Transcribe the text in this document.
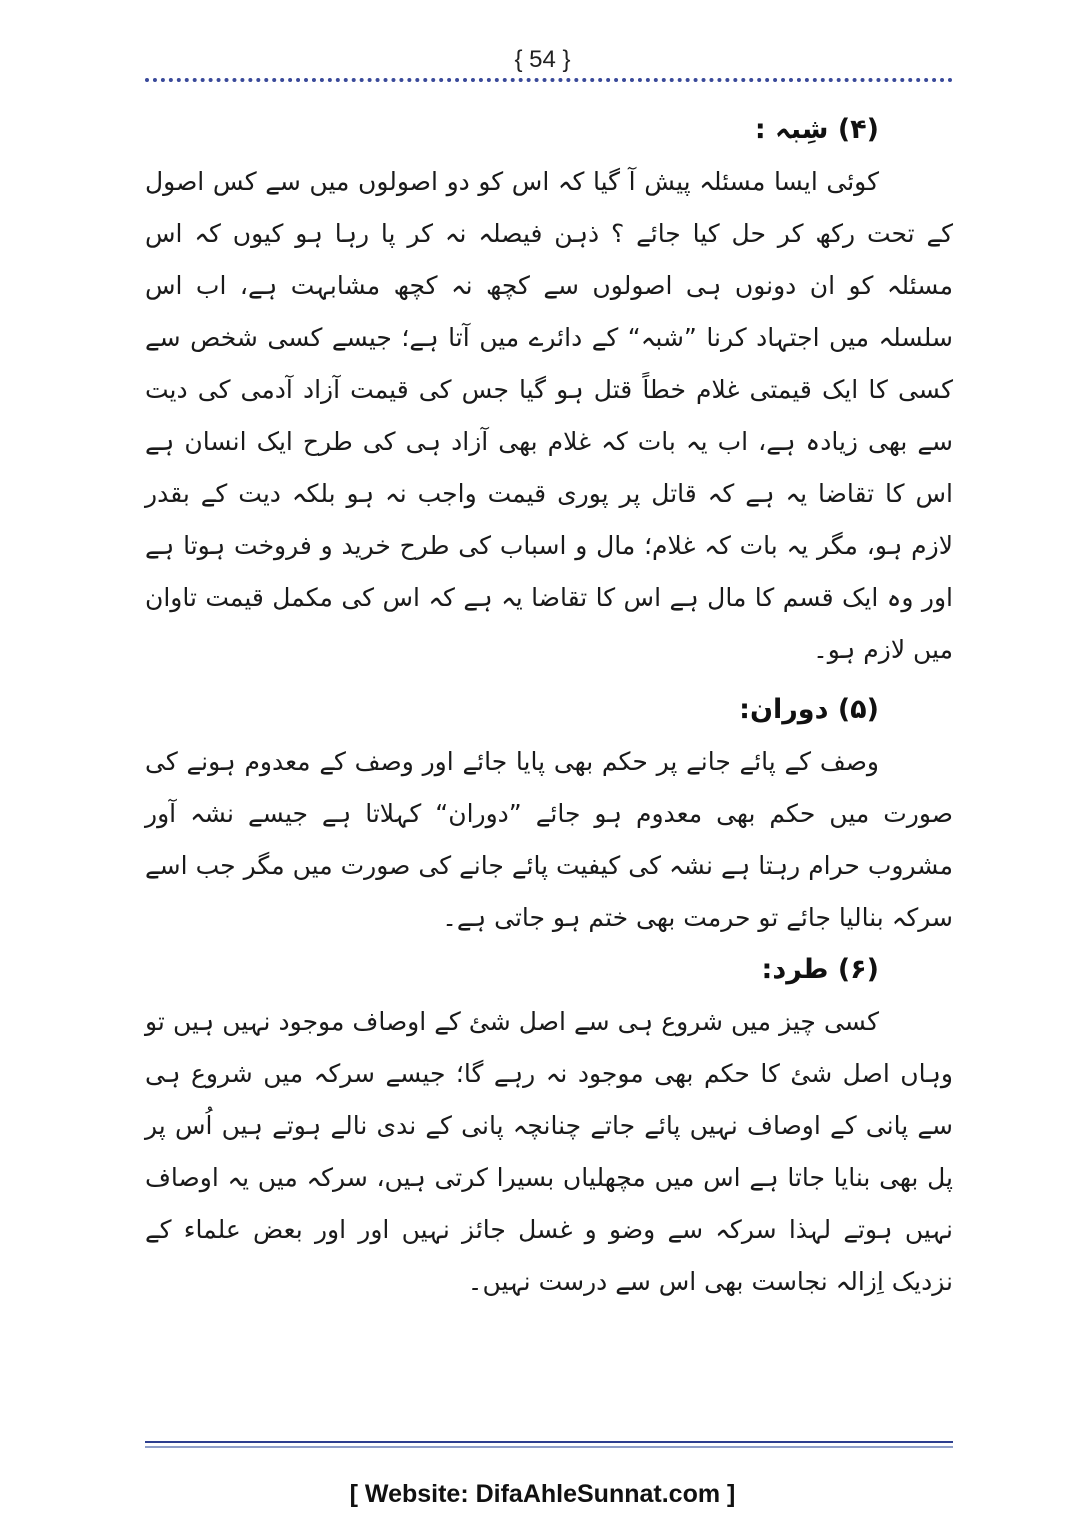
{ 54 }
(۴) شِبہ :

کوئی ایسا مسئلہ پیش آ گیا کہ اس کو دو اصولوں میں سے کس اصول کے تحت رکھ کر حل کیا جائے ؟ ذہن فیصلہ نہ کر پا رہا ہو کیوں کہ اس مسئلہ کو ان دونوں ہی اصولوں سے کچھ نہ کچھ مشابہت ہے، اب اس سلسلہ میں اجتہاد کرنا ”شبہ“ کے دائرے میں آتا ہے؛ جیسے کسی شخص سے کسی کا ایک قیمتی غلام خطاً قتل ہو گیا جس کی قیمت آزاد آدمی کی دیت سے بھی زیادہ ہے، اب یہ بات کہ غلام بھی آزاد ہی کی طرح ایک انسان ہے اس کا تقاضا یہ ہے کہ قاتل پر پوری قیمت واجب نہ ہو بلکہ دیت کے بقدر لازم ہو، مگر یہ بات کہ غلام؛ مال و اسباب کی طرح خرید و فروخت ہوتا ہے اور وہ ایک قسم کا مال ہے اس کا تقاضا یہ ہے کہ اس کی مکمل قیمت تاوان میں لازم ہو۔

(۵) دوران:

وصف کے پائے جانے پر حکم بھی پایا جائے اور وصف کے معدوم ہونے کی صورت میں حکم بھی معدوم ہو جائے ”دوران“ کہلاتا ہے جیسے نشہ آور مشروب حرام رہتا ہے نشہ کی کیفیت پائے جانے کی صورت میں مگر جب اسے سرکہ بنالیا جائے تو حرمت بھی ختم ہو جاتی ہے۔

(۶) طرد:

کسی چیز میں شروع ہی سے اصل شئ کے اوصاف موجود نہیں ہیں تو وہاں اصل شئ کا حکم بھی موجود نہ رہے گا؛ جیسے سرکہ میں شروع ہی سے پانی کے اوصاف نہیں پائے جاتے چنانچہ پانی کے ندی نالے ہوتے ہیں اُس پر پل بھی بنایا جاتا ہے اس میں مچھلیاں بسیرا کرتی ہیں، سرکہ میں یہ اوصاف نہیں ہوتے لہذا سرکہ سے وضو و غسل جائز نہیں اور اور بعض علماء کے نزدیک اِزالہ نجاست بھی اس سے درست نہیں۔

[ Website: DifaAhleSunnat.com ]
